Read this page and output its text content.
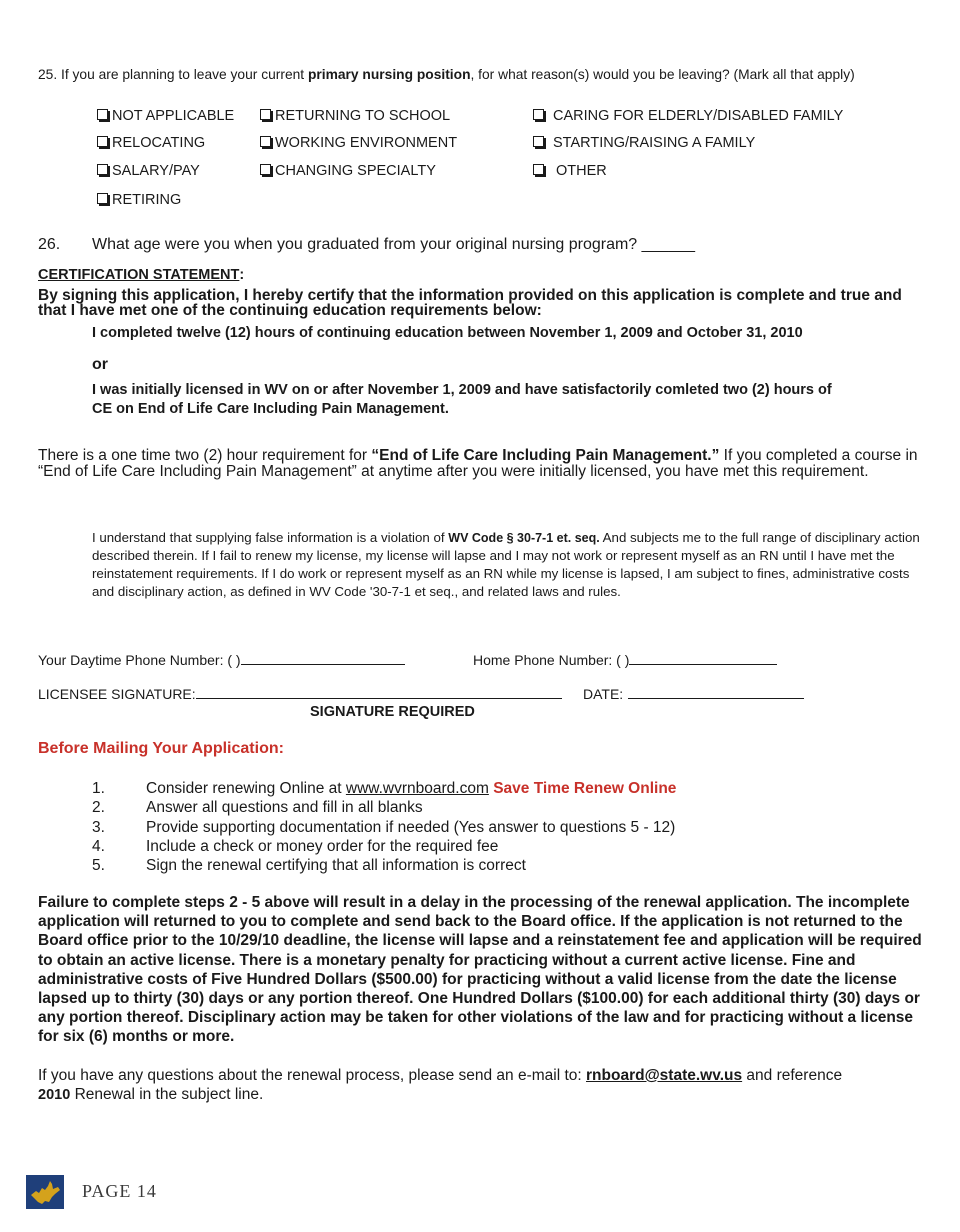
25. If you are planning to leave your current primary nursing position, for what reason(s) would you be leaving? (Mark all that apply)
NOT APPLICABLE
RELOCATING
SALARY/PAY
RETIRING
RETURNING TO SCHOOL
WORKING ENVIRONMENT
CHANGING SPECIALTY
CARING FOR ELDERLY/DISABLED FAMILY
STARTING/RAISING A FAMILY
OTHER
26. What age were you when you graduated from your original nursing program? ______
CERTIFICATION STATEMENT:
By signing this application, I hereby certify that the information provided on this application is complete and true and that I have met one of the continuing education requirements below:
I completed twelve (12) hours of continuing education between November 1, 2009 and October 31, 2010
or
I was initially licensed in WV on or after November 1, 2009 and have satisfactorily comleted two (2) hours of
CE on End of Life Care Including Pain Management.
There is a one time two (2) hour requirement for “End of Life Care Including Pain Management.” If you completed a course in “End of Life Care Including Pain Management” at anytime after you were initially licensed, you have met this requirement.
I understand that supplying false information is a violation of WV Code § 30-7-1 et. seq. And subjects me to the full range of disciplinary action described therein. If I fail to renew my license, my license will lapse and I may not work or represent myself as an RN until I have met the reinstatement requirements. If I do work or represent myself as an RN while my license is lapsed, I am subject to fines, administrative costs and disciplinary action, as defined in WV Code '30-7-1 et seq., and related laws and rules.
Your Daytime Phone Number: ( )	Home Phone Number: ( )
LICENSEE SIGNATURE:	DATE:
SIGNATURE REQUIRED
Before Mailing Your Application:
1.	Consider renewing Online at www.wvrnboard.com Save Time Renew Online
2.	Answer all questions and fill in all blanks
3.	Provide supporting documentation if needed (Yes answer to questions 5 - 12)
4.	Include a check or money order for the required fee
5.	Sign the renewal certifying that all information is correct
Failure to complete steps 2 - 5 above will result in a delay in the processing of the renewal application. The incomplete application will returned to you to complete and send back to the Board office. If the application is not returned to the Board office prior to the 10/29/10 deadline, the license will lapse and a reinstatement fee and application will be required to obtain an active license. There is a monetary penalty for practicing without a current active license. Fine and administrative costs of Five Hundred Dollars ($500.00) for practicing without a valid license from the date the license lapsed up to thirty (30) days or any portion thereof. One Hundred Dollars ($100.00) for each additional thirty (30) days or any portion thereof. Disciplinary action may be taken for other violations of the law and for practicing without a license for six (6) months or more.
If you have any questions about the renewal process, please send an e-mail to: rnboard@state.wv.us and reference
2010 Renewal in the subject line.
PAGE 14
